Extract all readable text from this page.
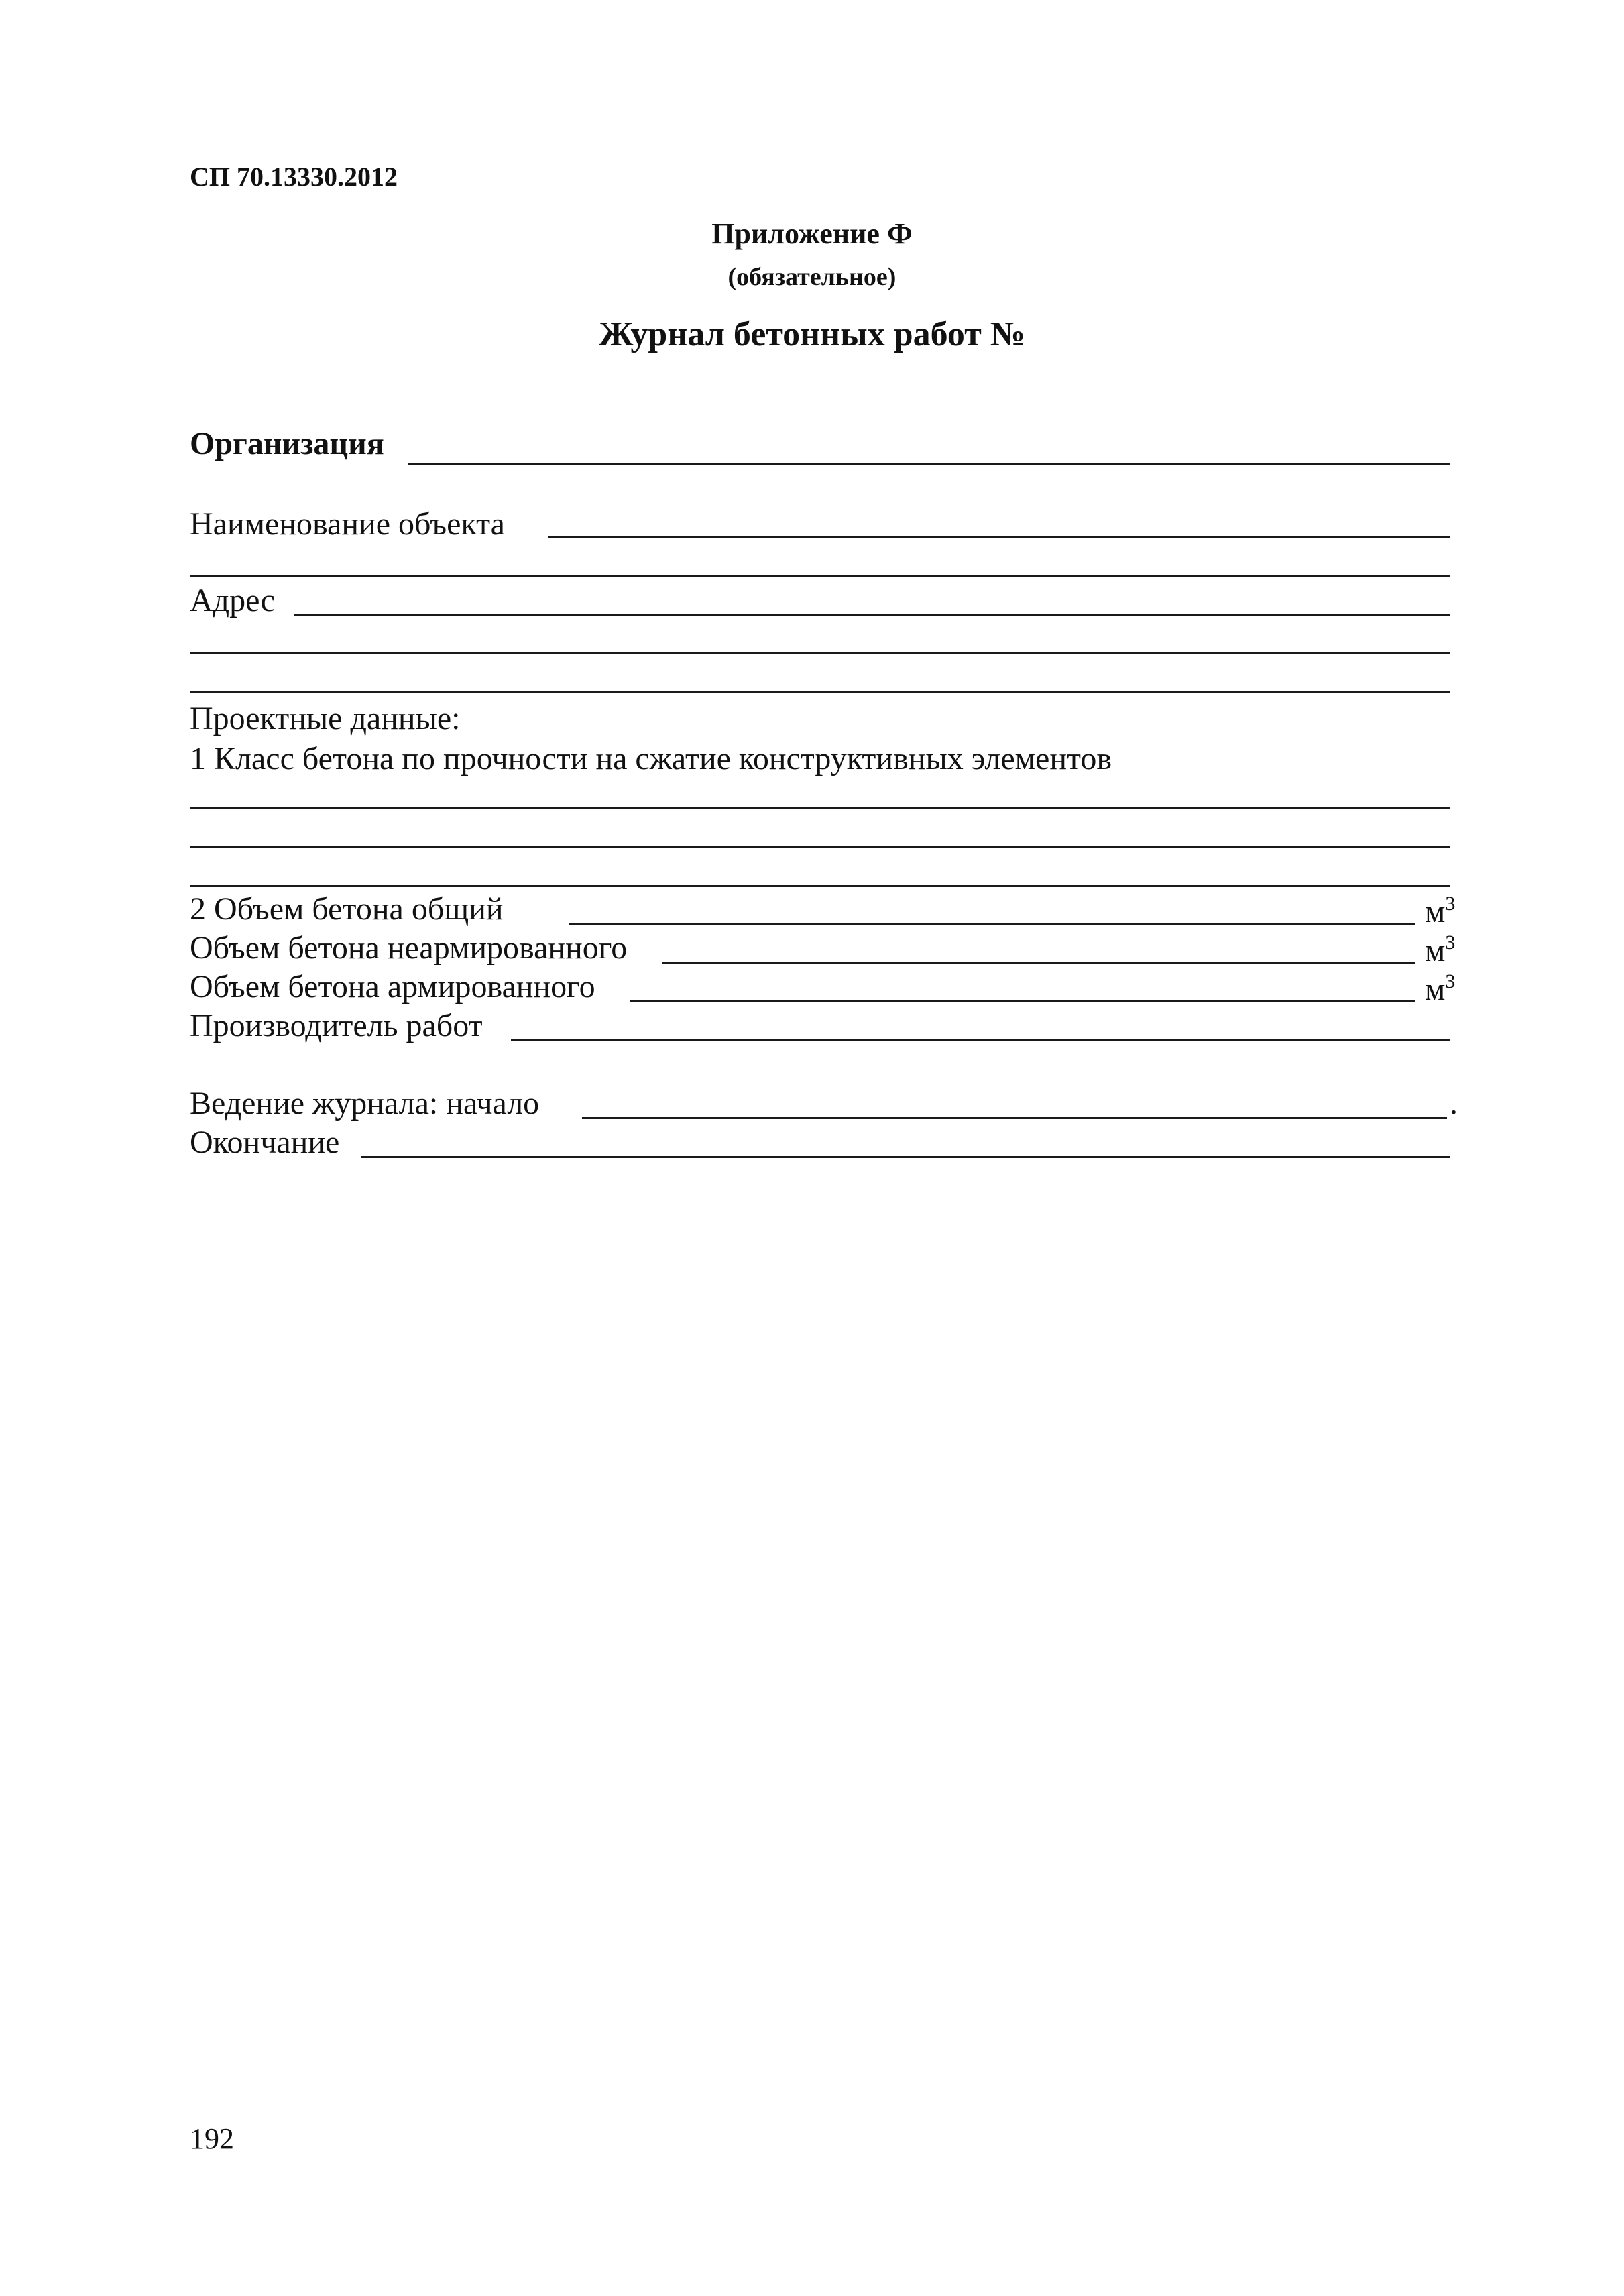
СП 70.13330.2012
Приложение Ф
(обязательное)
Журнал бетонных работ №
Организация
Наименование объекта
Адрес
Проектные данные:
1 Класс бетона по прочности на сжатие конструктивных элементов
2 Объем бетона общий	$м^3$
Объем бетона неармированного	$м^3$
Объем бетона армированного	$м^3$
Производитель работ
Ведение журнала: начало	.
Окончание
192
